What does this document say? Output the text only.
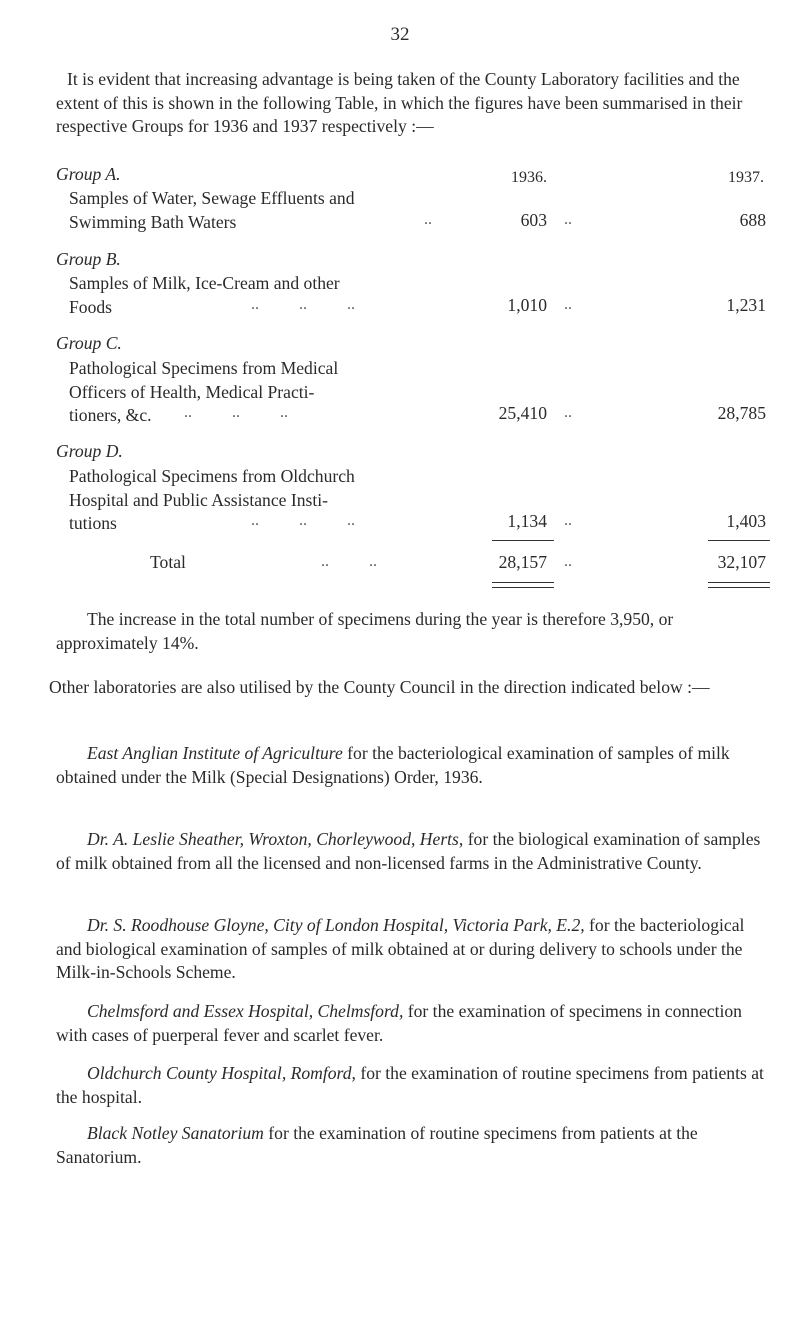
32

It is evident that increasing advantage is being taken of the County Laboratory facilities and the extent of this is shown in the following Table, in which the figures have been summarised in their respective Groups for 1936 and 1937 respectively :—

1936.	1937.
Group A.
Samples of Water, Sewage Effluents and
Swimming Bath Waters	..	603 ..	688
Group B.
Samples of Milk, Ice-Cream and other
Foods	..          ..          ..	1,010 ..	1,231
Group C.
Pathological Specimens from Medical
Officers of Health, Medical Practi-
tioners, &c.	..          ..          ..	25,410 ..	28,785
Group D.
Pathological Specimens from Oldchurch
Hospital and Public Assistance Insti-
tutions	..          ..          ..	1,134 ..	1,403
Total	..          ..	28,157 ..	32,107

The increase in the total number of specimens during the year is therefore 3,950, or approximately 14%.

Other laboratories are also utilised by the County Council in the direction indicated below :—

East Anglian Institute of Agriculture for the bacteriological examination of samples of milk obtained under the Milk (Special Designations) Order, 1936.
Dr. A. Leslie Sheather, Wroxton, Chorleywood, Herts, for the biological examination of samples of milk obtained from all the licensed and non-licensed farms in the Administrative County.
Dr. S. Roodhouse Gloyne, City of London Hospital, Victoria Park, E.2, for the bacteriological and biological examination of samples of milk obtained at or during delivery to schools under the Milk-in-Schools Scheme.
Chelmsford and Essex Hospital, Chelmsford, for the examination of specimens in connection with cases of puerperal fever and scarlet fever.
Oldchurch County Hospital, Romford, for the examination of routine specimens from patients at the hospital.
Black Notley Sanatorium for the examination of routine specimens from patients at the Sanatorium.
